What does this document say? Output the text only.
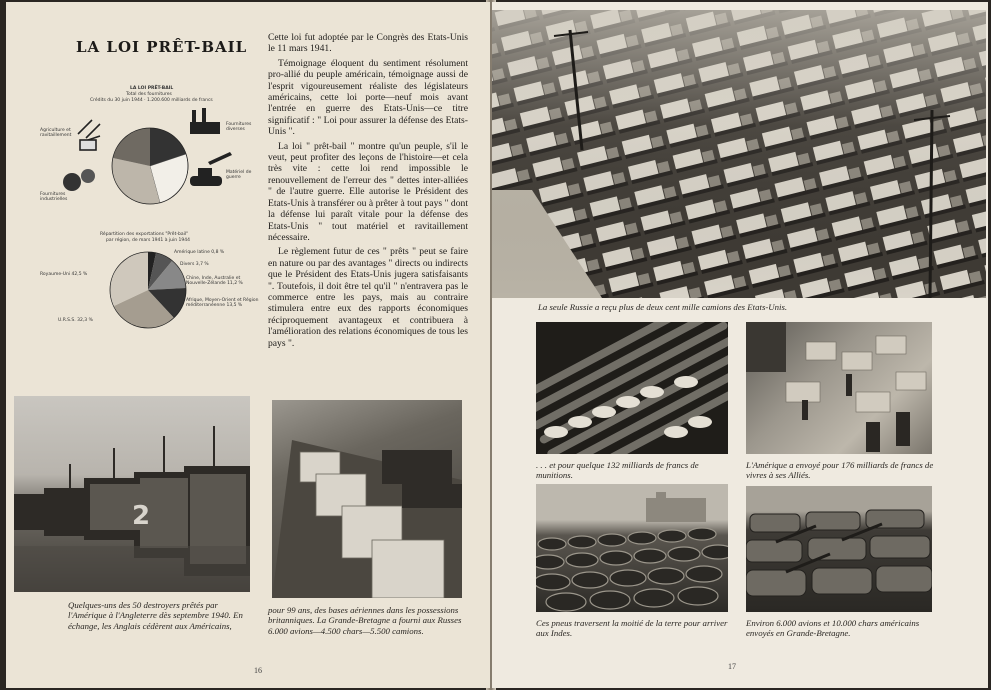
LA LOI PRÊT-BAIL
LA LOI PRÊT-BAIL
Total des fournitures
Crédits du 30 juin 1944 · 1.200.600 milliards de francs
Agriculture et ravitaillement
Fournitures diverses
Fournitures industrielles
Matériel de guerre
Répartition des exportations "Prêt-bail"
par région, de mars 1941 à juin 1944
Amérique latine 0,8 %
Divers 3,7 %
Royaume-Uni 42,5 %
Chine, Inde, Australie et Nouvelle-Zélande 11,2 %
Afrique, Moyen-Orient et Région méditerranéenne 13,5 %
U.R.S.S. 32,3 %

Cette loi fut adoptée par le Congrès des Etats-Unis le 11 mars 1941.

Témoignage éloquent du sentiment résolument pro-allié du peuple américain, témoignage aussi de l'esprit vigoureusement réaliste des législateurs américains, cette loi porte—neuf mois avant l'entrée en guerre des Etats-Unis—ce titre significatif : " Loi pour assurer la défense des Etats-Unis ".

La loi " prêt-bail " montre qu'un peuple, s'il le veut, peut profiter des leçons de l'histoire—et cela très vite : cette loi rend impossible le renouvellement de l'erreur des " dettes inter-alliées " de l'autre guerre. Elle autorise le Président des Etats-Unis à transférer ou à prêter à tout pays " dont la défense lui paraît vitale pour la défense des Etats-Unis " tout matériel et ravitaillement nécessaire.

Le règlement futur de ces " prêts " peut se faire en nature ou par des avantages " directs ou indirects que le Président des Etats-Unis jugera satisfaisants ". Toutefois, il doit être tel qu'il " n'entravera pas le commerce entre les pays, mais au contraire stimulera entre eux des rapports économiques réciproquement avantageux et contribuera à l'amélioration des relations économiques de tous les pays ".

2
Quelques-uns des 50 destroyers prêtés par l'Amérique à l'Angleterre dès septembre 1940. En échange, les Anglais cédèrent aux Américains,
pour 99 ans, des bases aériennes dans les possessions britanniques. La Grande-Bretagne a fourni aux Russes 6.000 avions—4.500 chars—5.500 camions.
16
La seule Russie a reçu plus de deux cent mille camions des Etats-Unis.
. . . et pour quelque 132 milliards de francs de munitions.
L'Amérique a envoyé pour 176 milliards de francs de vivres à ses Alliés.
Ces pneus traversent la moitié de la terre pour arriver aux Indes.
Environ 6.000 avions et 10.000 chars américains envoyés en Grande-Bretagne.
17
